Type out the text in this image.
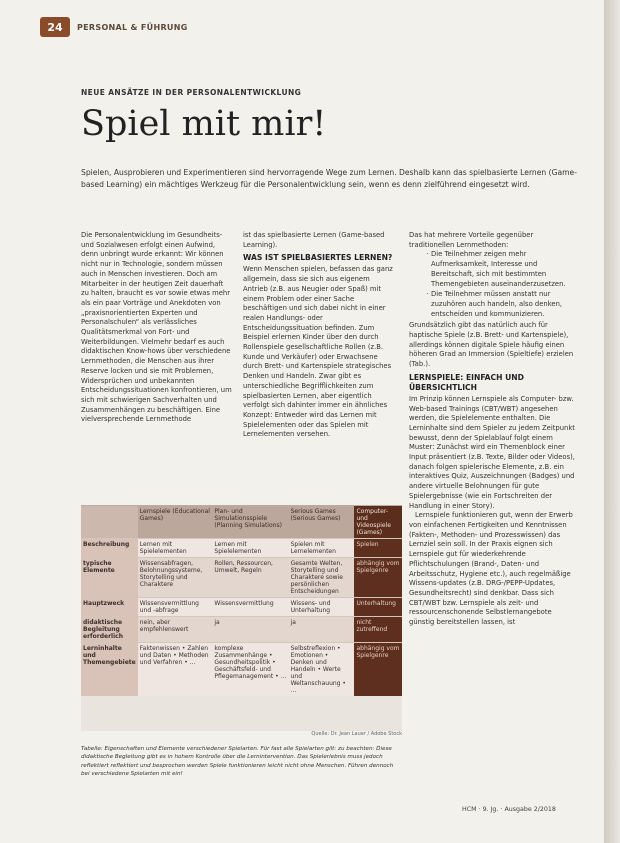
24	PERSONAL & FÜHRUNG
NEUE ANSÄTZE IN DER PERSONALENTWICKLUNG
Spiel mit mir!
Spielen, Ausprobieren und Experimentieren sind hervorragende Wege zum Lernen. Deshalb kann das spielbasierte Lernen (Game-based Learning) ein mächtiges Werkzeug für die Personalentwicklung sein, wenn es denn zielführend eingesetzt wird.

Die Personalentwicklung im Gesundheits- und Sozialwesen erfolgt einen Aufwind, denn unbringt wurde erkannt: Wir können nicht nur in Technologie, sondern müssen auch in Menschen investieren. Doch am Mitarbeiter in der heutigen Zeit dauerhaft zu halten, braucht es vor sowie etwas mehr als ein paar Vorträge und Anekdoten von „praxisnorientierten Experten und Personalschulen“ als verlässliches Qualitätsmerkmal von Fort- und Weiterbildungen. Vielmehr bedarf es auch didaktischen Know-hows über verschiedene Lernmethoden, die Menschen aus ihrer Reserve locken und sie mit Problemen, Widersprüchen und unbekannten Entscheidungssituationen konfrontieren, um sich mit schwierigen Sachverhalten und Zusammenhängen zu beschäftigen. Eine vielversprechende Lernmethode

ist das spielbasierte Lernen (Game-based Learning).

WAS IST SPIELBASIERTES LERNEN?

Wenn Menschen spielen, befassen das ganz allgemein, dass sie sich aus eigenem Antrieb (z.B. aus Neugier oder Spaß) mit einem Problem oder einer Sache beschäftigen und sich dabei nicht in einer realen Handlungs- oder Entscheidungssituation befinden. Zum Beispiel erlernen Kinder über den durch Rollenspiele gesellschaftliche Rollen (z.B. Kunde und Verkäufer) oder Erwachsene durch Brett- und Kartenspiele strategisches Denken und Handeln. Zwar gibt es unterschiedliche Begrifflichkeiten zum spielbasierten Lernen, aber eigentlich verfolgt sich dahinter immer ein ähnliches Konzept: Entweder wird das Lernen mit Spielelementen oder das Spielen mit Lernelementen versehen.

Das hat mehrere Vorteile gegenüber traditionellen Lernmethoden:

· Die Teilnehmer zeigen mehr Aufmerksamkeit, Interesse und Bereitschaft, sich mit bestimmten Themengebieten auseinanderzusetzen.
· Die Teilnehmer müssen anstatt nur zuzuhören auch handeln, also denken, entscheiden und kommunizieren.

Grundsätzlich gibt das natürlich auch für haptische Spiele (z.B. Brett- und Kartenspiele), allerdings können digitale Spiele häufig einen höheren Grad an Immersion (Spieltiefe) erzielen (Tab.).

LERNSPIELE: EINFACH UND ÜBERSICHTLICH

Im Prinzip können Lernspiele als Computer- bzw. Web-based Trainings (CBT/WBT) angesehen werden, die Spielelemente enthalten. Die Lerninhalte sind dem Spieler zu jedem Zeitpunkt bewusst, denn der Spielablauf folgt einem Muster: Zunächst wird ein Themenblock einer Input präsentiert (z.B. Texte, Bilder oder Videos), danach folgen spielerische Elemente, z.B. ein interaktives Quiz, Auszeichnungen (Badges) und andere virtuelle Belohnungen für gute Spielergebnisse (wie ein Fortschreiten der Handlung in einer Story).

Lernspiele funktionieren gut, wenn der Erwerb von einfachenen Fertigkeiten und Kenntnissen (Fakten-, Methoden- und Prozesswissen) das Lernziel sein soll. In der Praxis eignen sich Lernspiele gut für wiederkehrende Pflichtschulungen (Brand-, Daten- und Arbeitsschutz, Hygiene etc.), auch regelmäßige Wissens-updates (z.B. DRG-/PEPP-Updates, Gesundheitsrecht) sind denkbar. Dass sich CBT/WBT bzw. Lernspiele als zeit- und ressourcenschonende Selbstlernangebote günstig bereitstellen lassen, ist

	Lernspiele (Educational Games)	Plan- und Simulationsspiele (Planning Simulations)	Serious Games (Serious Games)	Computer- und Videospiele (Games)
Beschreibung	Lernen mit Spielelementen	Lernen mit Spielelementen	Spielen mit Lernelementen	Spielen
typische Elemente	Wissensabfragen, Belohnungssysteme, Storytelling und Charaktere	Rollen, Ressourcen, Umwelt, Regeln	Gesamte Welten, Storytelling und Charaktere sowie persönlichen Entscheidungen	abhängig vom Spielgenre
Hauptzweck	Wissensvermittlung und -abfrage	Wissensvermittlung	Wissens- und Unterhaltung	Unterhaltung
didaktische Begleitung erforderlich	nein, aber empfehlenswert	ja	ja	nicht zutreffend
Lerninhalte und Themengebiete	Faktenwissen • Zahlen und Daten • Methoden und Verfahren • ...	komplexe Zusammenhänge • Gesundheitspolitik • Geschäftsfeld- und Pflegemanagement • ...	Selbstreflexion • Emotionen • Denken und Handeln • Werte und Weltanschauung • ...	abhängig vom Spielgenre
Quelle: Dr. Jean Lauer / Adobe Stock
Tabelle: Eigenschaften und Elemente verschiedener Spielarten. Für fast alle Spielarten gilt: zu beachten: Diese didaktische Begleitung gibt es in hohem Kontrolle über die Lernintervention. Das Spielerlebnis muss jedoch reflektiert reflektiert und besprochen werden Spiele funktionieren leicht nicht ohne Menschen. Führen dennoch bei verschiedene Spielarten mit ein!
HCM · 9. Jg. · Ausgabe 2/2018
